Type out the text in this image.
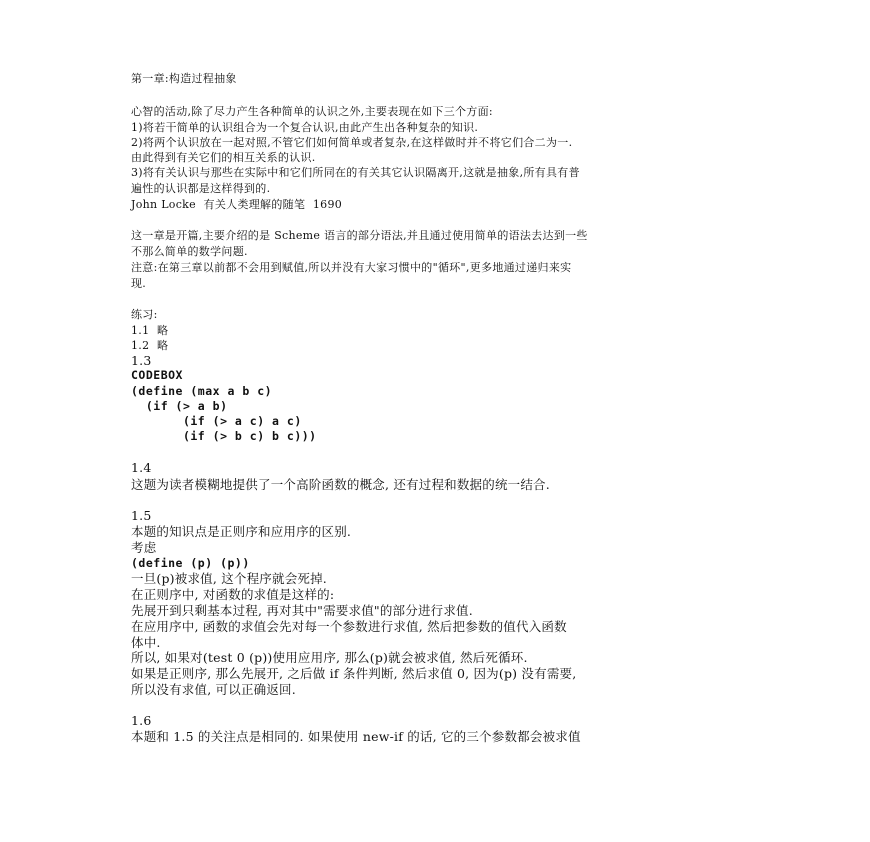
第一章:构造过程抽象
心智的活动,除了尽力产生各种简单的认识之外,主要表现在如下三个方面:
1)将若干简单的认识组合为一个复合认识,由此产生出各种复杂的知识.
2)将两个认识放在一起对照,不管它们如何简单或者复杂,在这样做时并不将它们合二为一.
由此得到有关它们的相互关系的认识.
3)将有关认识与那些在实际中和它们所同在的有关其它认识隔离开,这就是抽象,所有具有普
遍性的认识都是这样得到的.
John Locke  有关人类理解的随笔  1690
这一章是开篇,主要介绍的是 Scheme 语言的部分语法,并且通过使用简单的语法去达到一些
不那么简单的数学问题.
注意:在第三章以前都不会用到赋值,所以并没有大家习惯中的"循环",更多地通过递归来实
现.
练习:
1.1  略
1.2  略
1.3
CODEBOX
(define (max a b c)
(if (> a b)
(if (> a c) a c)
(if (> b c) b c)))
1.4
这题为读者模糊地提供了一个高阶函数的概念, 还有过程和数据的统一结合.
1.5
本题的知识点是正则序和应用序的区别.
考虑
(define (p) (p))
一旦(p)被求值, 这个程序就会死掉.
在正则序中, 对函数的求值是这样的:
先展开到只剩基本过程, 再对其中"需要求值"的部分进行求值.
在应用序中, 函数的求值会先对每一个参数进行求值, 然后把参数的值代入函数
体中.
所以, 如果对(test 0 (p))使用应用序, 那么(p)就会被求值, 然后死循环.
如果是正则序, 那么先展开, 之后做 if 条件判断, 然后求值 0, 因为(p) 没有需要,
所以没有求值, 可以正确返回.
1.6
本题和 1.5 的关注点是相同的. 如果使用 new-if 的话, 它的三个参数都会被求值
